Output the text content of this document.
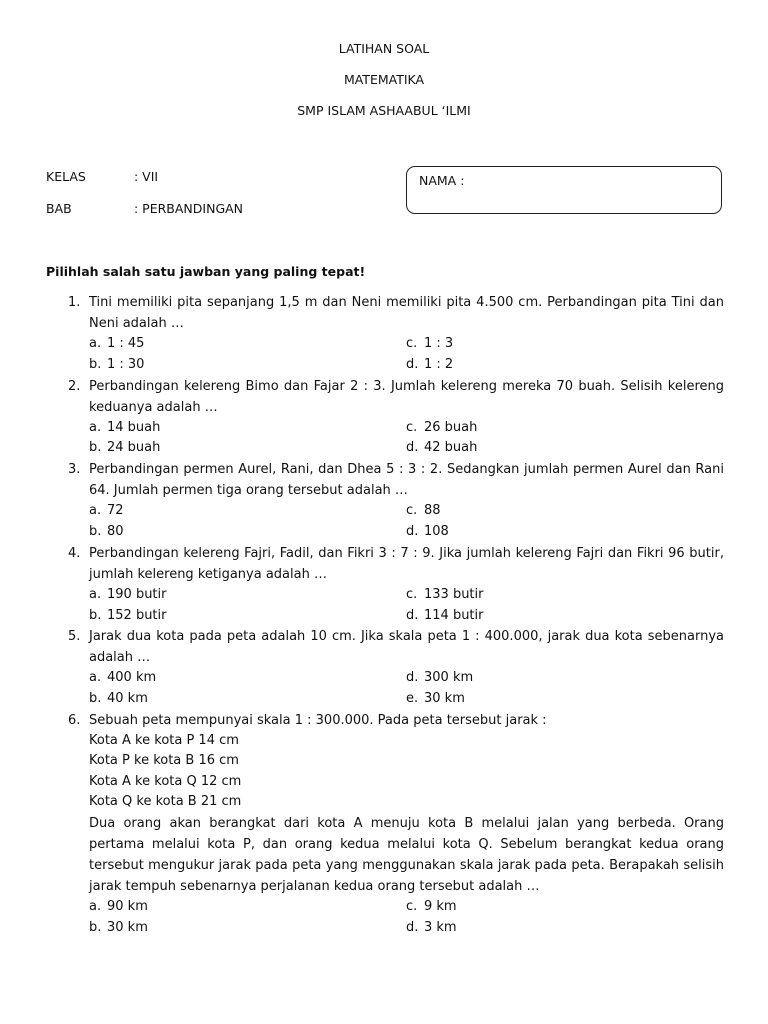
LATIHAN SOAL
MATEMATIKA
SMP ISLAM ASHAABUL ‘ILMI
KELAS	: VII
BAB	: PERBANDINGAN
NAMA :
Pilihlah salah satu jawban yang paling tepat!
1. Tini memiliki pita sepanjang 1,5 m dan Neni memiliki pita 4.500 cm. Perbandingan pita Tini dan Neni adalah …
a. 1 : 45	c. 1 : 3
b. 1 : 30	d. 1 : 2
2. Perbandingan kelereng Bimo dan Fajar 2 : 3. Jumlah kelereng mereka 70 buah. Selisih kelereng keduanya adalah …
a. 14 buah	c. 26 buah
b. 24 buah	d. 42 buah
3. Perbandingan permen Aurel, Rani, dan Dhea 5 : 3 : 2. Sedangkan jumlah permen Aurel dan Rani 64. Jumlah permen tiga orang tersebut adalah …
a. 72	c. 88
b. 80	d. 108
4. Perbandingan kelereng Fajri, Fadil, dan Fikri 3 : 7 : 9. Jika jumlah kelereng Fajri dan Fikri 96 butir, jumlah kelereng ketiganya adalah …
a. 190 butir	c. 133 butir
b. 152 butir	d. 114 butir
5. Jarak dua kota pada peta adalah 10 cm. Jika skala peta 1 : 400.000, jarak dua kota sebenarnya adalah …
a. 400 km	d. 300 km
b. 40 km	e. 30 km
6. Sebuah peta mempunyai skala 1 : 300.000. Pada peta tersebut jarak :
Kota A ke kota P 14 cm
Kota P ke kota B 16 cm
Kota A ke kota Q 12 cm
Kota Q ke kota B 21 cm
Dua orang akan berangkat dari kota A menuju kota B melalui jalan yang berbeda. Orang pertama melalui kota P, dan orang kedua melalui kota Q. Sebelum berangkat kedua orang tersebut mengukur jarak pada peta yang menggunakan skala jarak pada peta. Berapakah selisih jarak tempuh sebenarnya perjalanan kedua orang tersebut adalah …
a. 90 km	c. 9 km
b. 30 km	d. 3 km
